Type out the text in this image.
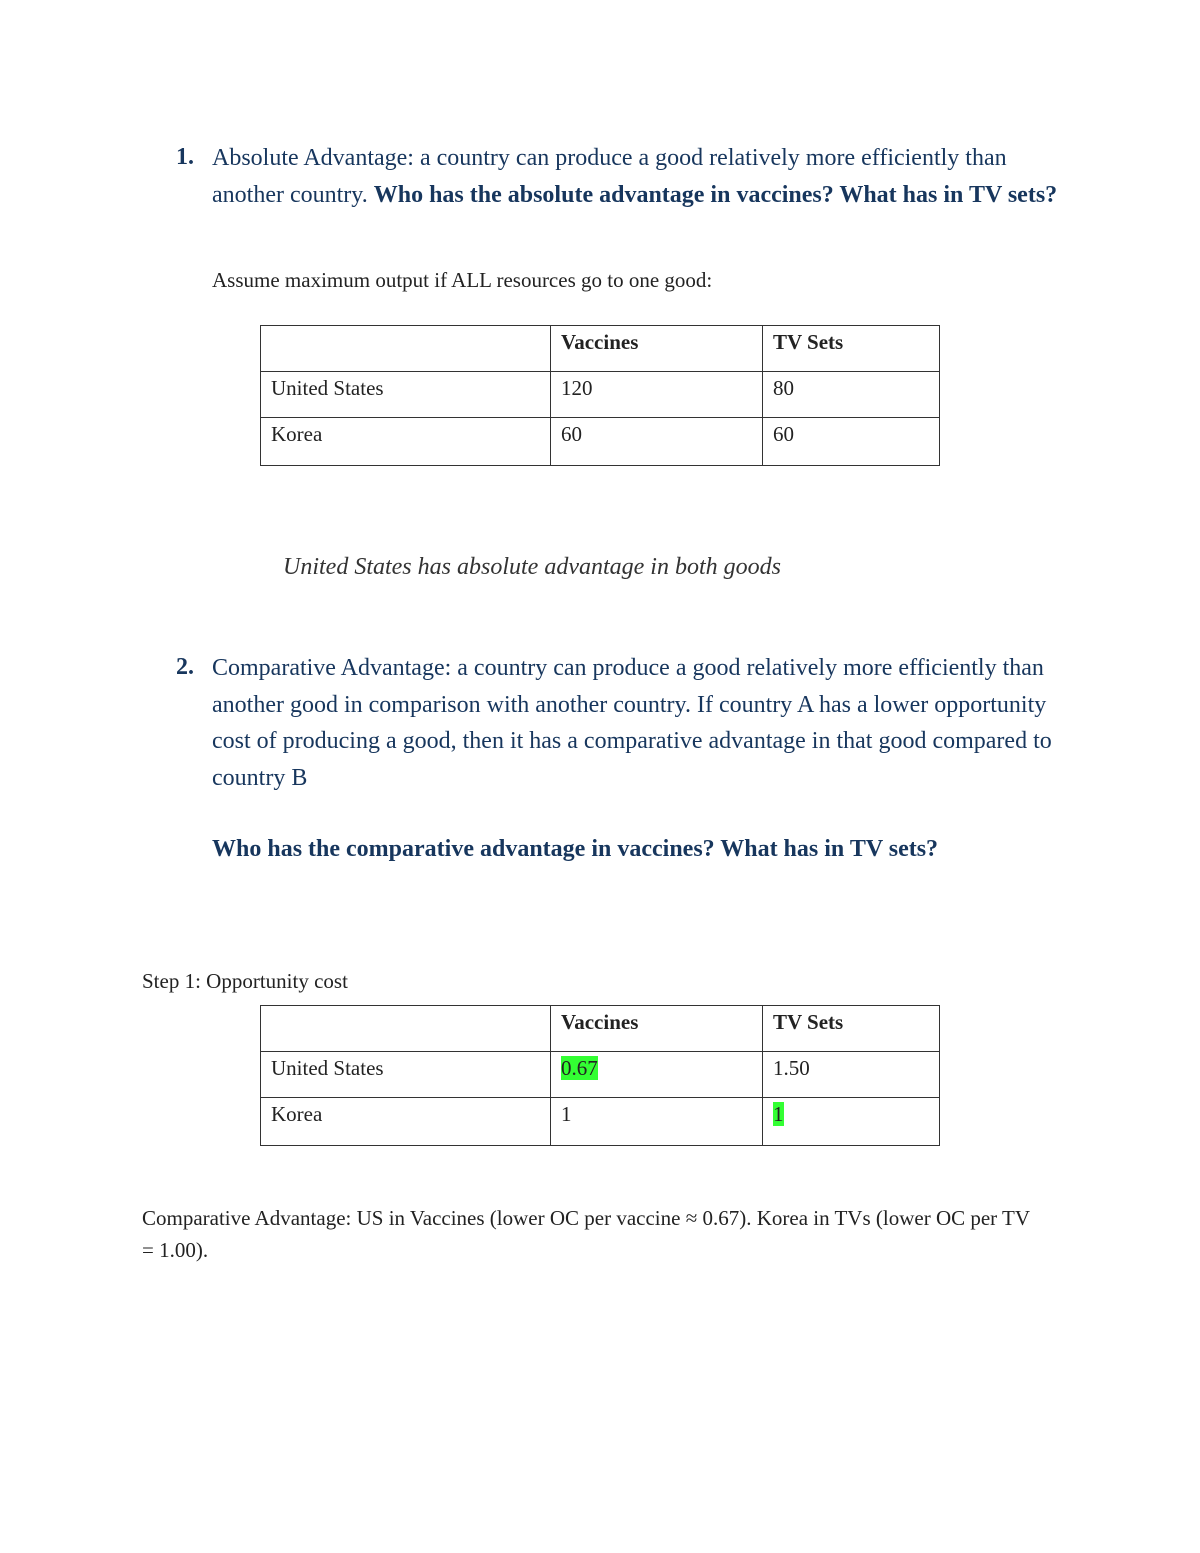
1. Absolute Advantage: a country can produce a good relatively more efficiently than another country. Who has the absolute advantage in vaccines? What has in TV sets?
Assume maximum output if ALL resources go to one good:
	Vaccines	TV Sets
United States	120	80
Korea	60	60
United States has absolute advantage in both goods
2. Comparative Advantage: a country can produce a good relatively more efficiently than another good in comparison with another country. If country A has a lower opportunity cost of producing a good, then it has a comparative advantage in that good compared to country B
Who has the comparative advantage in vaccines? What has in TV sets?
Step 1: Opportunity cost
	Vaccines	TV Sets
United States	0.67	1.50
Korea	1	1
Comparative Advantage: US in Vaccines (lower OC per vaccine ≈ 0.67). Korea in TVs (lower OC per TV = 1.00).
